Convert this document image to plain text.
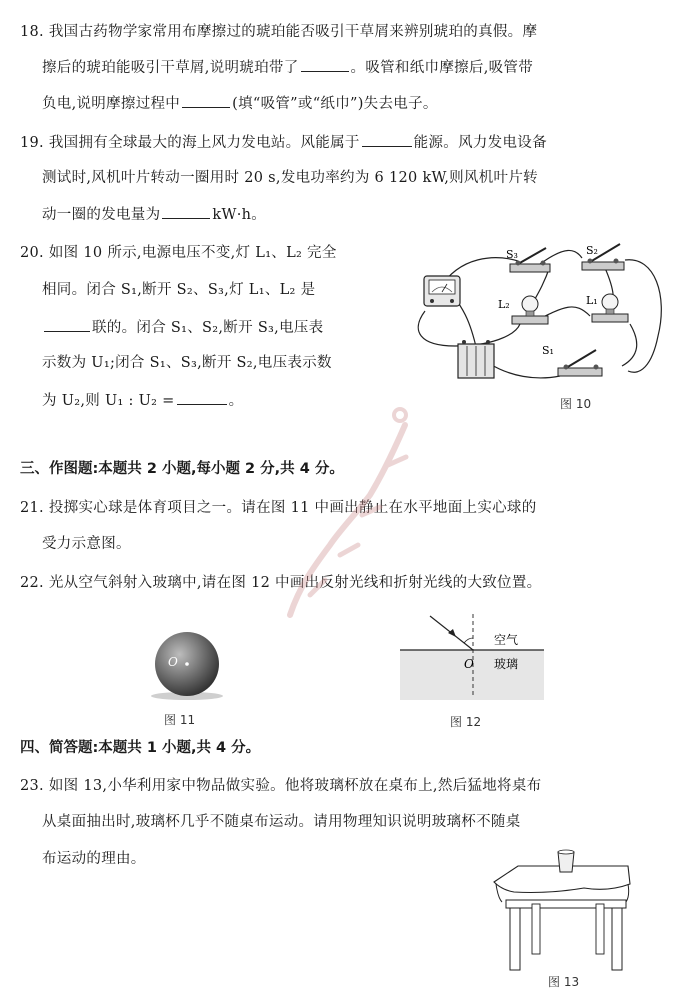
18. 我国古药物学家常用布摩擦过的琥珀能否吸引干草屑来辨别琥珀的真假。摩
擦后的琥珀能吸引干草屑,说明琥珀带了	。吸管和纸巾摩擦后,吸管带
负电,说明摩擦过程中	(填“吸管”或“纸巾”)失去电子。
19. 我国拥有全球最大的海上风力发电站。风能属于	能源。风力发电设备
测试时,风机叶片转动一圈用时 20 s,发电功率约为 6 120 kW,则风机叶片转
动一圈的发电量为	kW·h。
20. 如图 10 所示,电源电压不变,灯 L₁、L₂ 完全
相同。闭合 S₁,断开 S₂、S₃,灯 L₁、L₂ 是
联的。闭合 S₁、S₂,断开 S₃,电压表
示数为 U₁;闭合 S₁、S₃,断开 S₂,电压表示数
为 U₂,则 U₁ : U₂ =	。
S₃	S₂
L₂	L₁
S₁
图 10
三、作图题:本题共 2 小题,每小题 2 分,共 4 分。
21. 投掷实心球是体育项目之一。请在图 11 中画出静止在水平地面上实心球的
受力示意图。
22. 光从空气斜射入玻璃中,请在图 12 中画出反射光线和折射光线的大致位置。
O
图 11
O
空气
玻璃
图 12
四、简答题:本题共 1 小题,共 4 分。
23. 如图 13,小华利用家中物品做实验。他将玻璃杯放在桌布上,然后猛地将桌布
从桌面抽出时,玻璃杯几乎不随桌布运动。请用物理知识说明玻璃杯不随桌
布运动的理由。
图 13
